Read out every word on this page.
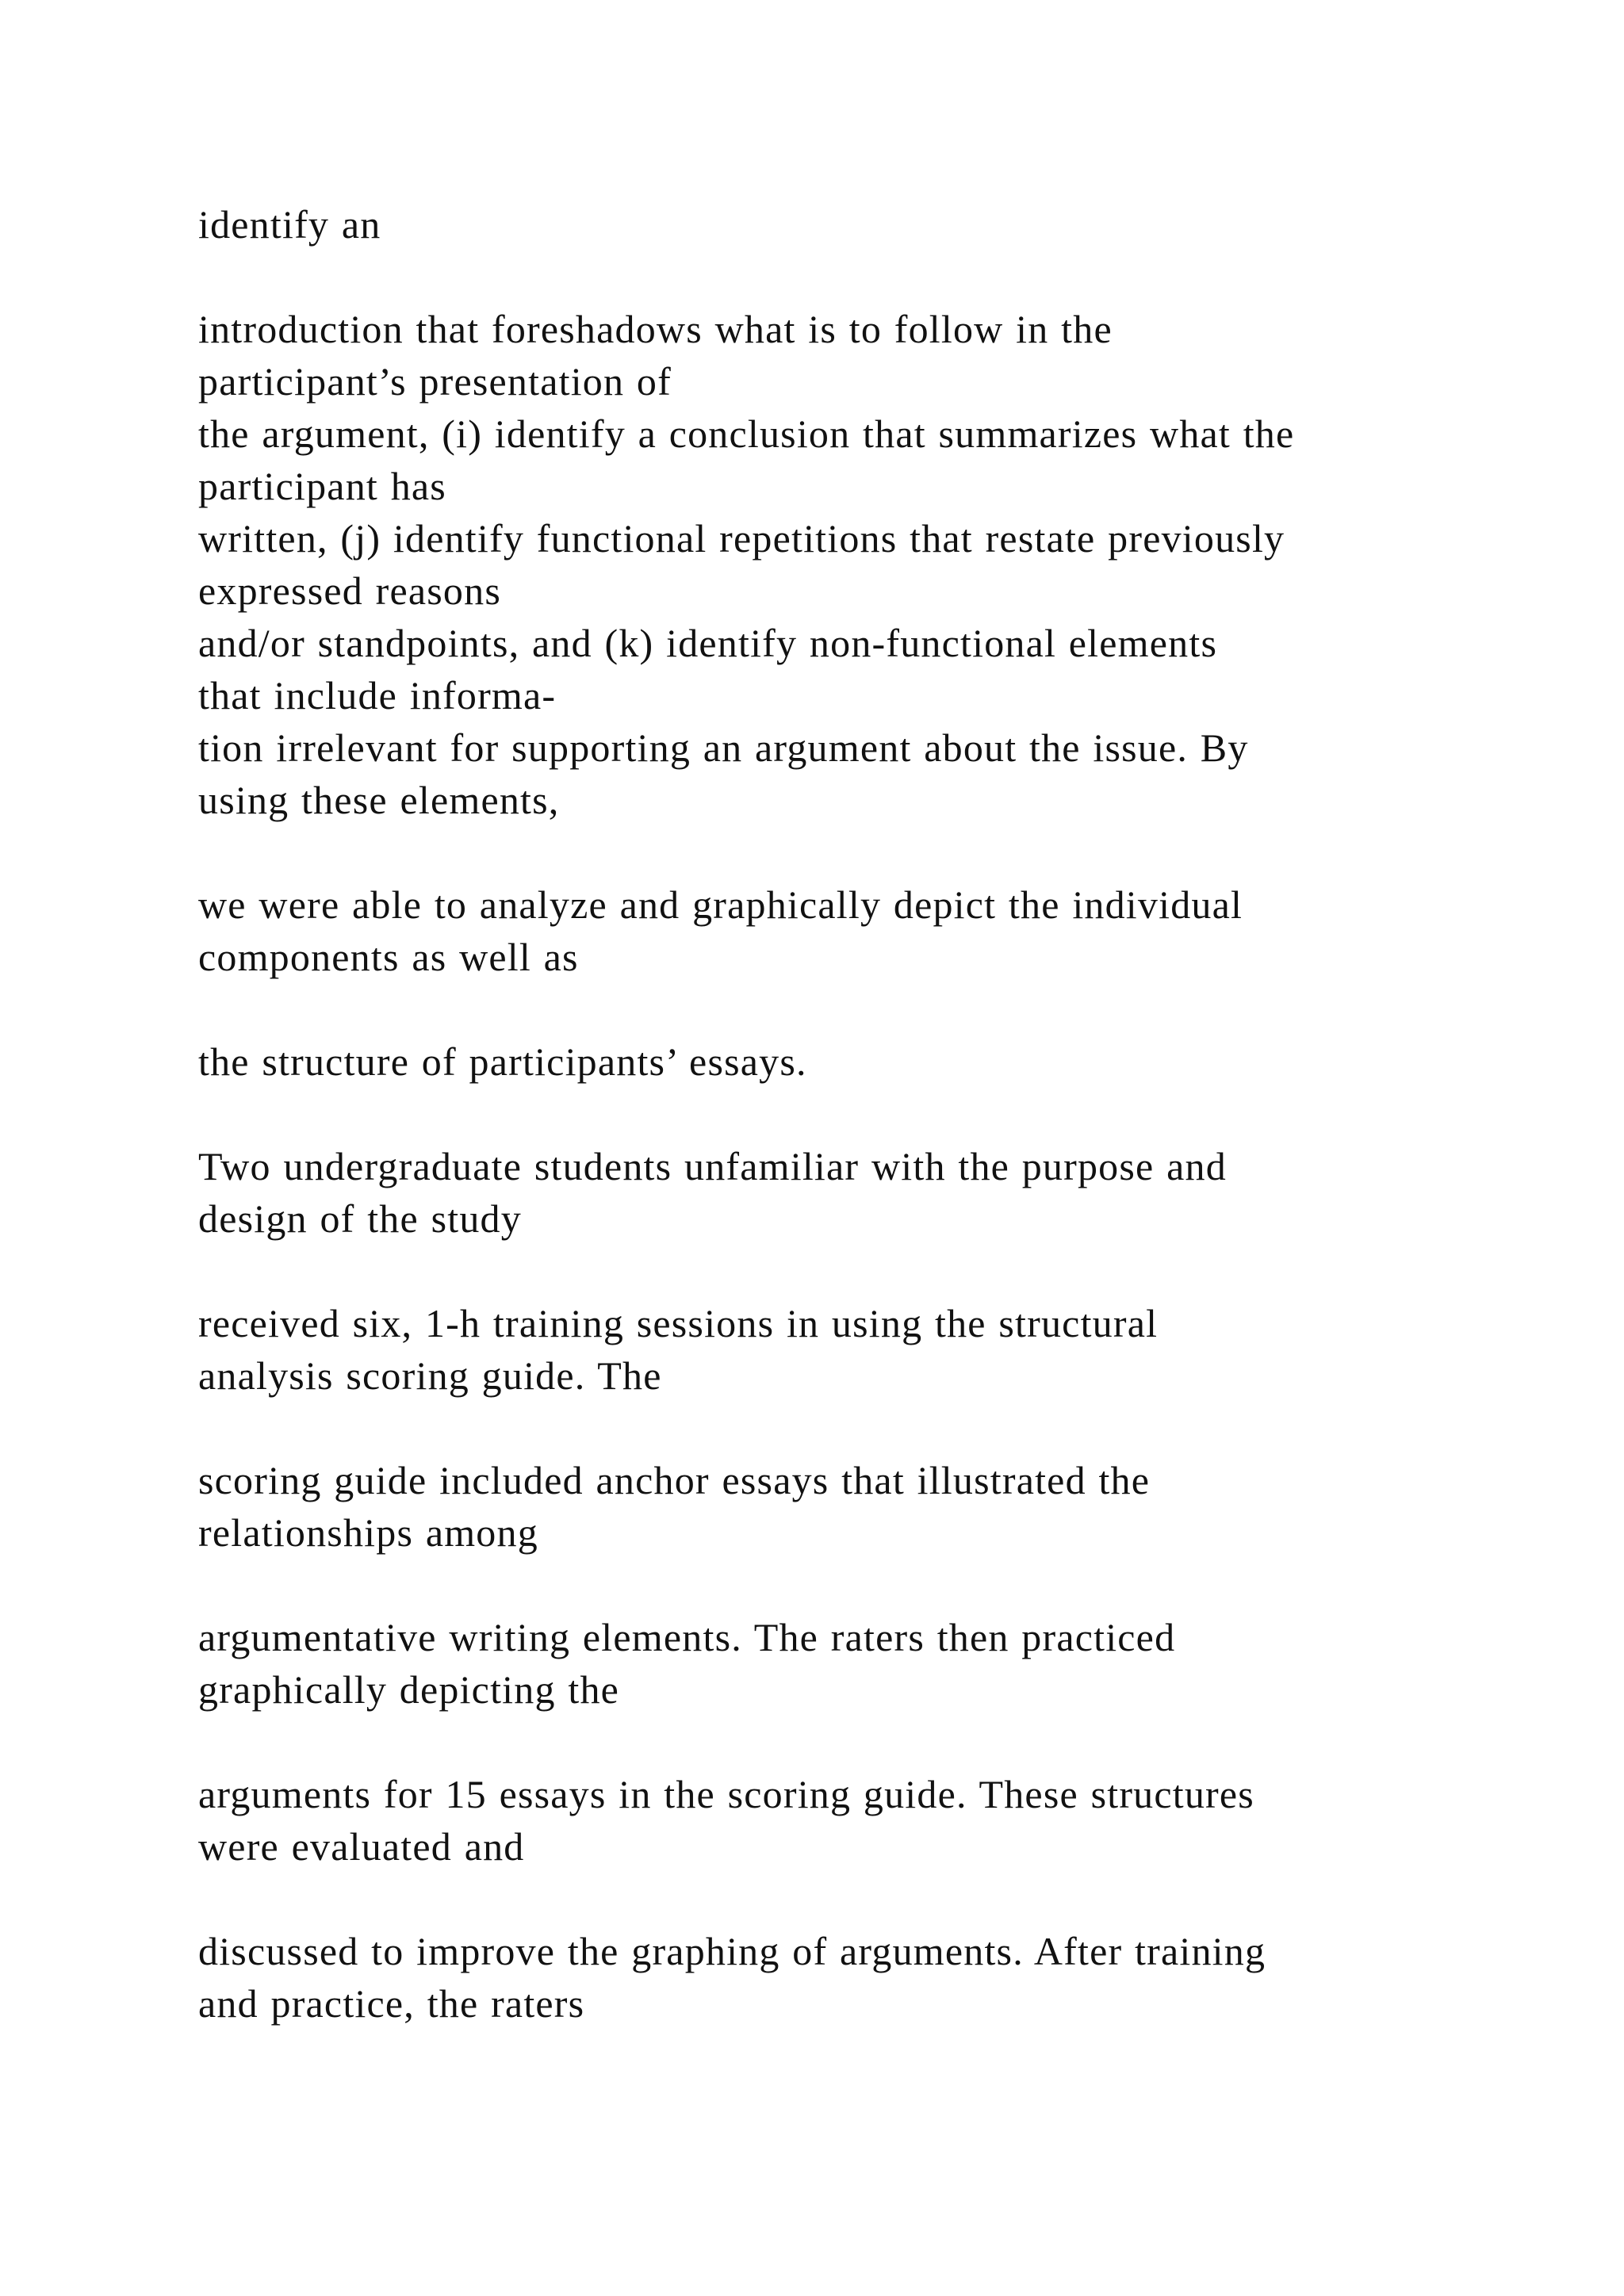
identify an
introduction that foreshadows what is to follow in the
participant’s presentation of
the argument, (i) identify a conclusion that summarizes what the
participant has
written, (j) identify functional repetitions that restate previously
expressed reasons
and/or standpoints, and (k) identify non-functional elements
that include informa-
tion irrelevant for supporting an argument about the issue. By
using these elements,
we were able to analyze and graphically depict the individual
components as well as
the structure of participants’ essays.
Two undergraduate students unfamiliar with the purpose and
design of the study
received six, 1-h training sessions in using the structural
analysis scoring guide. The
scoring guide included anchor essays that illustrated the
relationships among
argumentative writing elements. The raters then practiced
graphically depicting the
arguments for 15 essays in the scoring guide. These structures
were evaluated and
discussed to improve the graphing of arguments. After training
and practice, the raters
